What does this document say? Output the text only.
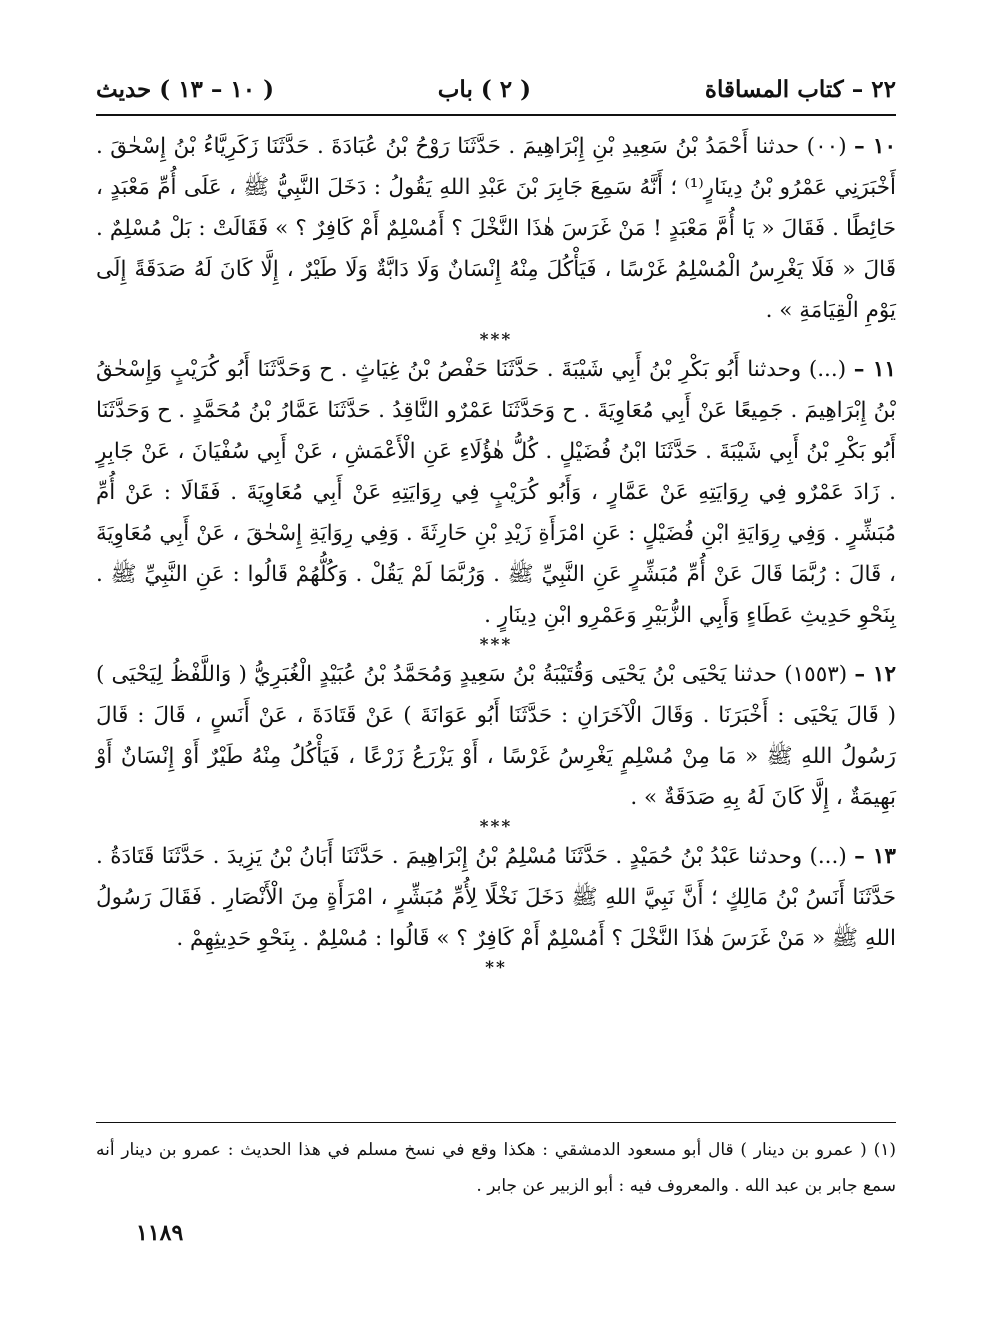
٢٢ – كتاب المساقاة
( ٢ ) باب
( ١٠ – ١٣ ) حديث

١٠ – (٠٠) حدثنا أَحْمَدُ بْنُ سَعِيدِ بْنِ إِبْرَاهِيمَ . حَدَّثَنَا رَوْحُ بْنُ عُبَادَةَ . حَدَّثَنَا زَكَرِيَّاءُ بْنُ إِسْحٰقَ . أَخْبَرَنِي عَمْرُو بْنُ دِينَارٍ⁽¹⁾ ؛ أَنَّهُ سَمِعَ جَابِرَ بْنَ عَبْدِ اللهِ يَقُولُ : دَخَلَ النَّبِيُّ ﷺ ، عَلَى أُمِّ مَعْبَدٍ ، حَائِطًا . فَقَالَ « يَا أُمَّ مَعْبَدٍ ! مَنْ غَرَسَ هٰذَا النَّخْلَ ؟ أَمُسْلِمٌ أَمْ كَافِرٌ ؟ » فَقَالَتْ : بَلْ مُسْلِمٌ . قَالَ « فَلَا يَغْرِسُ الْمُسْلِمُ غَرْسًا ، فَيَأْكُلَ مِنْهُ إِنْسَانٌ وَلَا دَابَّةٌ وَلَا طَيْرٌ ، إِلَّا كَانَ لَهُ صَدَقَةً إِلَى يَوْمِ الْقِيَامَةِ » .

***

١١ – (...) وحدثنا أَبُو بَكْرِ بْنُ أَبِي شَيْبَةَ . حَدَّثَنَا حَفْصُ بْنُ غِيَاثٍ . ح وَحَدَّثَنَا أَبُو كُرَيْبٍ وَإِسْحٰقُ بْنُ إِبْرَاهِيمَ . جَمِيعًا عَنْ أَبِي مُعَاوِيَةَ . ح وَحَدَّثَنَا عَمْرٌو النَّاقِدُ . حَدَّثَنَا عَمَّارُ بْنُ مُحَمَّدٍ . ح وَحَدَّثَنَا أَبُو بَكْرِ بْنُ أَبِي شَيْبَةَ . حَدَّثَنَا ابْنُ فُضَيْلٍ . كُلُّ هٰؤُلَاءِ عَنِ الْأَعْمَشِ ، عَنْ أَبِي سُفْيَانَ ، عَنْ جَابِرٍ . زَادَ عَمْرٌو فِي رِوَايَتِهِ عَنْ عَمَّارٍ ، وَأَبُو كُرَيْبٍ فِي رِوَايَتِهِ عَنْ أَبِي مُعَاوِيَةَ . فَقَالَا : عَنْ أُمِّ مُبَشِّرٍ . وَفِي رِوَايَةِ ابْنِ فُضَيْلٍ : عَنِ امْرَأَةِ زَيْدِ بْنِ حَارِثَةَ . وَفِي رِوَايَةِ إِسْحٰقَ ، عَنْ أَبِي مُعَاوِيَةَ ، قَالَ : رُبَّمَا قَالَ عَنْ أُمِّ مُبَشِّرٍ عَنِ النَّبِيِّ ﷺ . وَرُبَّمَا لَمْ يَقُلْ . وَكُلُّهُمْ قَالُوا : عَنِ النَّبِيِّ ﷺ . بِنَحْوِ حَدِيثِ عَطَاءٍ وَأَبِي الزُّبَيْرِ وَعَمْرِو ابْنِ دِينَارٍ .

***

١٢ – (١٥٥٣) حدثنا يَحْيَى بْنُ يَحْيَى وَقُتَيْبَةُ بْنُ سَعِيدٍ وَمُحَمَّدُ بْنُ عُبَيْدٍ الْغُبَرِيُّ ( وَاللَّفْظُ لِيَحْيَى ) ( قَالَ يَحْيَى : أَخْبَرَنَا . وَقَالَ الْآخَرَانِ : حَدَّثَنَا أَبُو عَوَانَةَ ) عَنْ قَتَادَةَ ، عَنْ أَنَسٍ ، قَالَ : قَالَ رَسُولُ اللهِ ﷺ « مَا مِنْ مُسْلِمٍ يَغْرِسُ غَرْسًا ، أَوْ يَزْرَعُ زَرْعًا ، فَيَأْكُلُ مِنْهُ طَيْرٌ أَوْ إِنْسَانٌ أَوْ بَهِيمَةٌ ، إِلَّا كَانَ لَهُ بِهِ صَدَقَةٌ » .

***

١٣ – (...) وحدثنا عَبْدُ بْنُ حُمَيْدٍ . حَدَّثَنَا مُسْلِمُ بْنُ إِبْرَاهِيمَ . حَدَّثَنَا أَبَانُ بْنُ يَزِيدَ . حَدَّثَنَا قَتَادَةُ . حَدَّثَنَا أَنَسُ بْنُ مَالِكٍ ؛ أَنَّ نَبِيَّ اللهِ ﷺ دَخَلَ نَخْلًا لِأُمِّ مُبَشِّرٍ ، امْرَأَةٍ مِنَ الْأَنْصَارِ . فَقَالَ رَسُولُ اللهِ ﷺ « مَنْ غَرَسَ هٰذَا النَّخْلَ ؟ أَمُسْلِمٌ أَمْ كَافِرٌ ؟ » قَالُوا : مُسْلِمٌ . بِنَحْوِ حَدِيثِهِمْ .

**

(١) ( عمرو بن دينار ) قال أبو مسعود الدمشقي : هكذا وقع في نسخ مسلم في هذا الحديث : عمرو بن دينار أنه سمع جابر بن عبد الله . والمعروف فيه : أبو الزبير عن جابر .
١١٨٩
